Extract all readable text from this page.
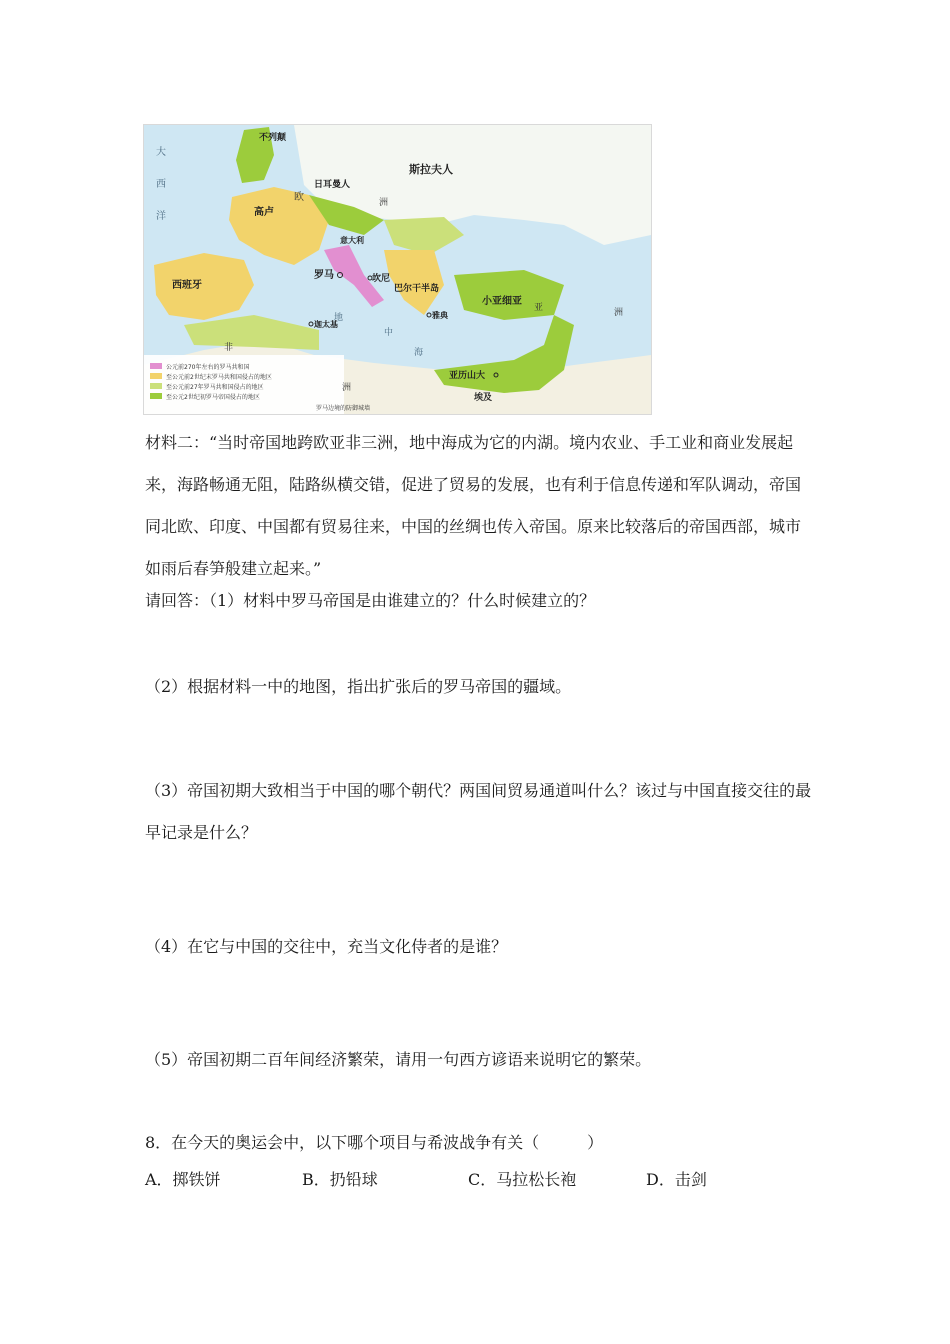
公元前270年左右的罗马共和国
至公元前2世纪末罗马共和国侵占的地区
至公元前27年罗马共和国侵占的地区
至公元2世纪初罗马帝国侵占的地区
罗马边境的防御城墙
不列颠
斯拉夫人
日耳曼人
高卢
西班牙
意大利
罗马	坎尼
巴尔干半岛
小亚细亚
雅典
迦太基
亚历山大
埃及
大
西
洋
欧	洲
非
洲
亚	洲
地
中
海
材料二：“当时帝国地跨欧亚非三洲，地中海成为它的内湖。境内农业、手工业和商业发展起来，海路畅通无阻，陆路纵横交错，促进了贸易的发展，也有利于信息传递和军队调动，帝国同北欧、印度、中国都有贸易往来，中国的丝绸也传入帝国。原来比较落后的帝国西部，城市如雨后春笋般建立起来。”
请回答：（1）材料中罗马帝国是由谁建立的？什么时候建立的？
（2）根据材料一中的地图，指出扩张后的罗马帝国的疆域。
（3）帝国初期大致相当于中国的哪个朝代？两国间贸易通道叫什么？该过与中国直接交往的最早记录是什么？
（4）在它与中国的交往中，充当文化侍者的是谁？
（5）帝国初期二百年间经济繁荣，请用一句西方谚语来说明它的繁荣。
8．在今天的奥运会中，以下哪个项目与希波战争有关（　　　）
A．掷铁饼	B．扔铅球	C．马拉松长袍	D．击剑
